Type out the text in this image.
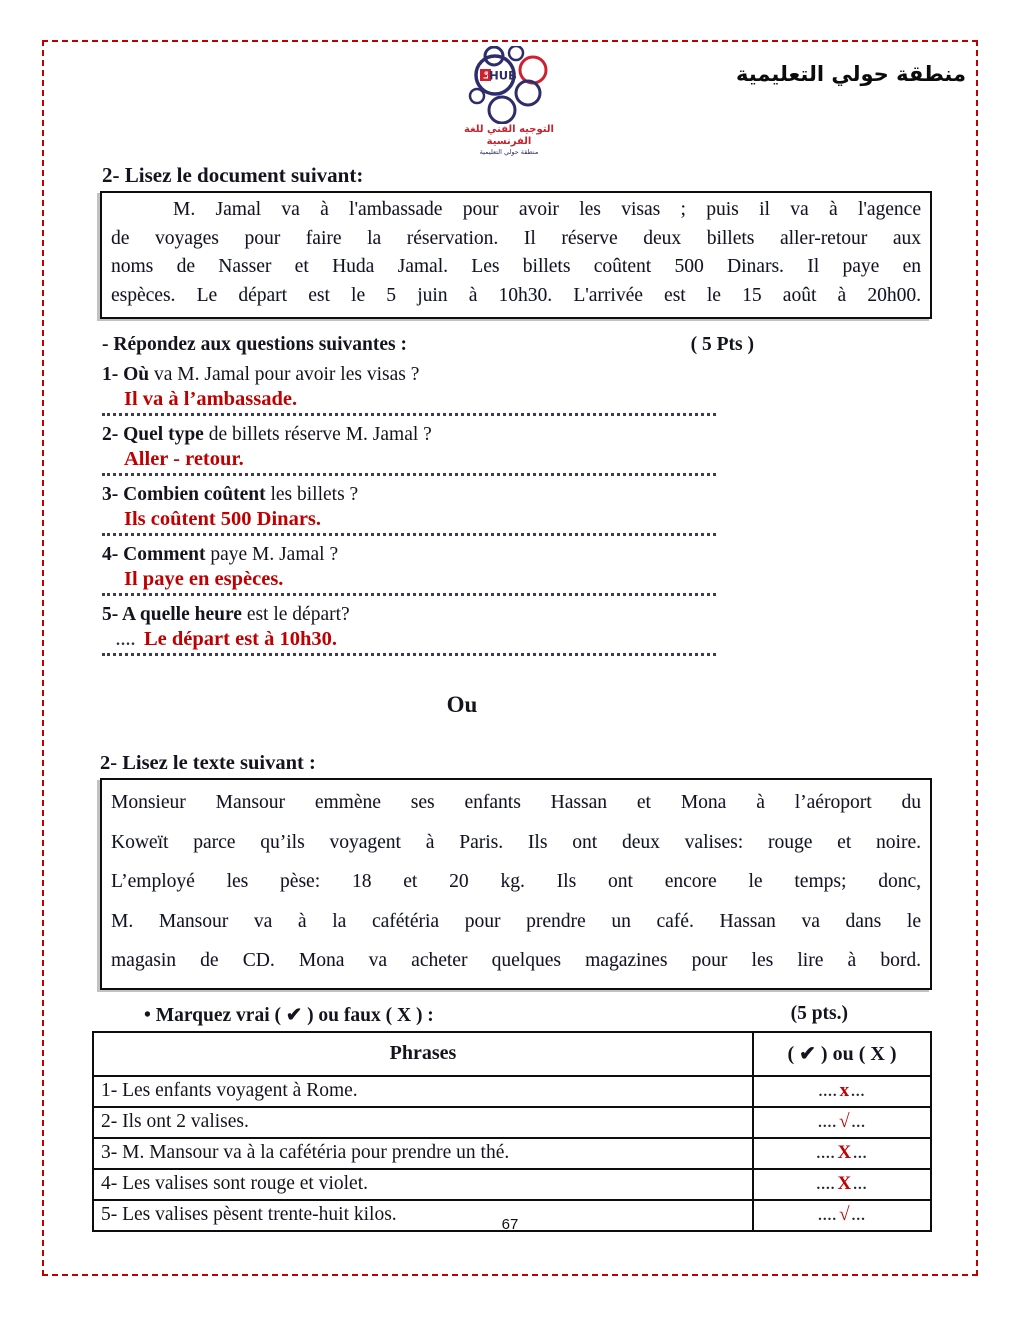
Le HUB
التوجيه الفني للغة الفرنسية
منطقة حولي التعليمية
منطقة حولي التعليمية
2- Lisez le document suivant:
M. Jamal va à l'ambassade pour avoir les visas ; puis il va à l'agence
de voyages pour faire la réservation. Il réserve deux billets aller-retour aux
noms de Nasser et Huda Jamal. Les billets coûtent 500 Dinars. Il paye en
espèces. Le départ est le 5 juin à 10h30. L'arrivée est le 15 août à 20h00.
- Répondez aux questions suivantes :	( 5 Pts )
1- Où va M. Jamal pour avoir les visas ?
Il va à l’ambassade.
2- Quel type de billets réserve M. Jamal ?
Aller - retour.
3- Combien coûtent les billets ?
Ils coûtent 500 Dinars.
4- Comment paye M. Jamal ?
Il paye en espèces.
5- A quelle heure est le départ?
.... Le départ est à 10h30.
Ou
2- Lisez le texte suivant :
Monsieur Mansour emmène ses enfants Hassan et Mona à l’aéroport du
Koweït parce qu’ils voyagent à Paris. Ils ont deux valises: rouge et noire.
L’employé les pèse: 18 et 20 kg. Ils ont encore le temps; donc,
M. Mansour va à la cafétéria pour prendre un café. Hassan va dans le
magasin de CD. Mona va acheter quelques magazines pour les lire à bord.
• Marquez vrai ( ✔ ) ou faux ( X ) :	(5 pts.)
Phrases	( ✔ ) ou ( X )
1- Les enfants voyagent à Rome.	.... x ...
2- Ils ont 2 valises.	.... √ ...
3- M. Mansour va à la cafétéria pour prendre un thé.	.... X ...
4- Les valises sont rouge et violet.	.... X ...
5- Les valises pèsent trente-huit kilos.	.... √ ...
67
